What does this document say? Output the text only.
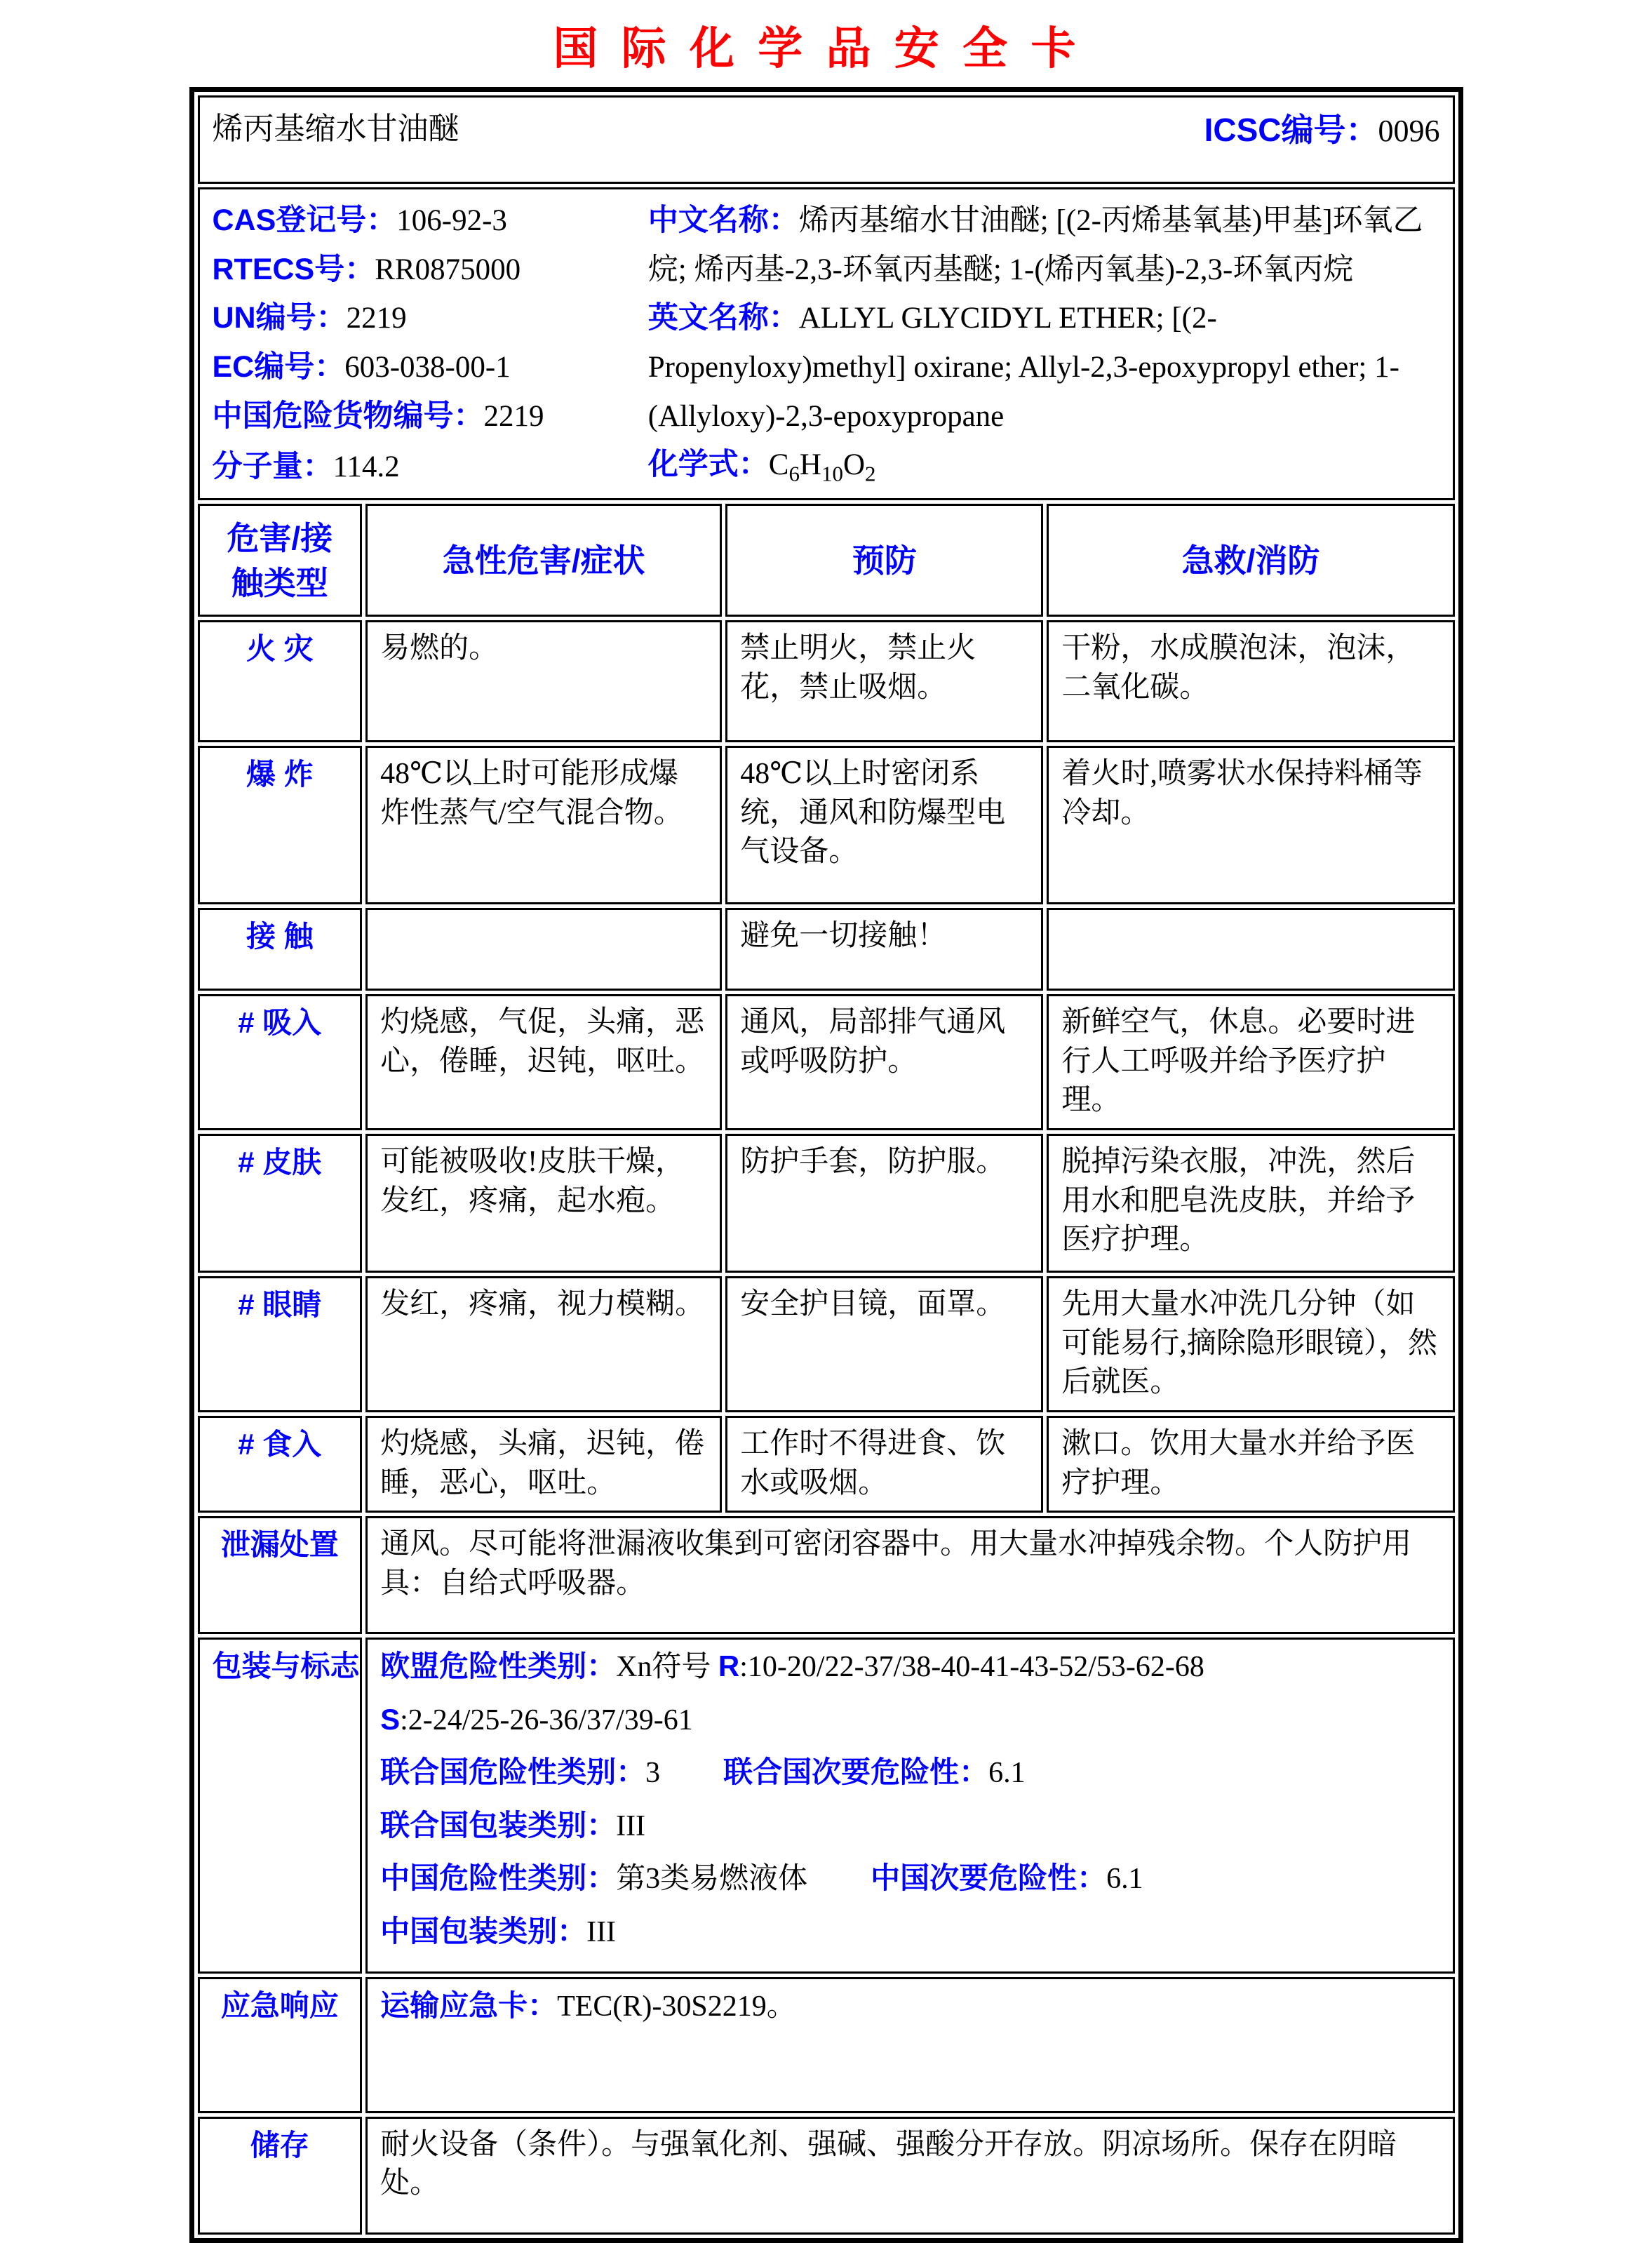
国际化学品安全卡
烯丙基缩水甘油醚 ICSC编号：0096			

CAS登记号：106-92-3
RTECS号：RR0875000
UN编号：2219
EC编号：603-038-00-1
中国危险货物编号：2219
分子量：114.2
中文名称：烯丙基缩水甘油醚; [(2-丙烯基氧基)甲基]环氧乙烷; 烯丙基-2,3-环氧丙基醚; 1-(烯丙氧基)-2,3-环氧丙烷
英文名称：ALLYL GLYCIDYL ETHER; [(2-Propenyloxy)methyl] oxirane; Allyl-2,3-epoxypropyl ether; 1-(Allyloxy)-2,3-epoxypropane
化学式：$C_6H_{10}O_2$

危害/接触类型	急性危害/症状	预防	急救/消防
火 灾	易燃的。	禁止明火，禁止火花，禁止吸烟。	干粉，水成膜泡沫，泡沫，二氧化碳。
爆 炸	48℃以上时可能形成爆炸性蒸气/空气混合物。	48℃以上时密闭系统，通风和防爆型电气设备。	着火时,喷雾状水保持料桶等冷却。
接 触		避免一切接触！	
# 吸入	灼烧感，气促，头痛，恶心，倦睡，迟钝，呕吐。	通风，局部排气通风或呼吸防护。	新鲜空气，休息。必要时进行人工呼吸并给予医疗护理。
# 皮肤	可能被吸收!皮肤干燥，发红，疼痛，起水疱。	防护手套，防护服。	脱掉污染衣服，冲洗，然后用水和肥皂洗皮肤，并给予医疗护理。
# 眼睛	发红，疼痛，视力模糊。	安全护目镜，面罩。	先用大量水冲洗几分钟（如可能易行,摘除隐形眼镜），然后就医。
# 食入	灼烧感，头痛，迟钝，倦睡，恶心，呕吐。	工作时不得进食、饮水或吸烟。	漱口。饮用大量水并给予医疗护理。
泄漏处置	通风。尽可能将泄漏液收集到可密闭容器中。用大量水冲掉残余物。个人防护用具：自给式呼吸器。		
包装与标志	欧盟危险性类别：Xn符号 R:10-20/22-37/38-40-41-43-52/53-62-68
S:2-24/25-26-36/37/39-61
联合国危险性类别：3 联合国次要危险性：6.1
联合国包装类别：III
中国危险性类别：第3类易燃液体 中国次要危险性：6.1
中国包装类别：III

应急响应	运输应急卡：TEC(R)-30S2219。		
储存	耐火设备（条件）。与强氧化剂、强碱、强酸分开存放。阴凉场所。保存在阴暗处。		
